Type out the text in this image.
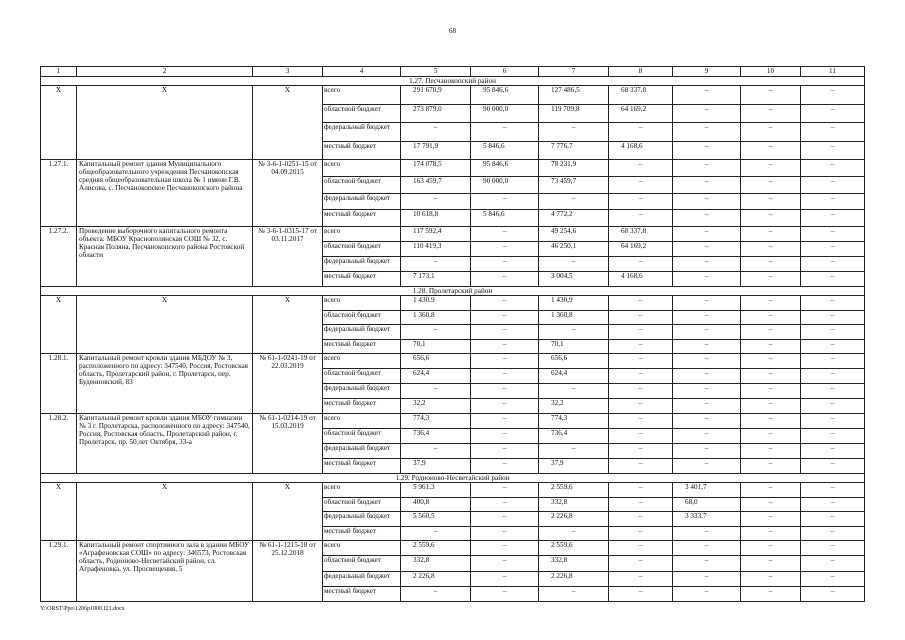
68
1	2	3	4	5	6	7	8	9	10	11
1.27. Песчанокопский район										
Х	Х	Х	всего	291 670,9	95 846,6	127 486,5	68 337,8	–	–	–
			областной бюджет	273 879,0	90 000,0	119 709,8	64 169,2	–	–	–
			федеральный бюджет	–	–	–	–	–	–	–
			местный бюджет	17 791,9	5 846,6	7 776,7	4 168,6	–	–	–
1.27.1.	Капитальный ремонт здания Муниципального общеобразовательного учреждения Песчанокопская средняя общеобразовательная школа № 1 имени Г.В. Алисова, с. Песчанокопское Песчанокопского района	№ 3-6-1-0251-15 от 04.09.2015	всего	174 078,5	95 846,6	78 231,9	–	–	–	–
			областной бюджет	163 459,7	90 000,0	73 459,7	–	–	–	–
			федеральный бюджет	–	–	–	–	–	–	–
			местный бюджет	10 618,8	5 846,6	4 772,2	–	–	–	–
1.27.2.	Проведение выборочного капитального ремонта объекта: МБОУ Краснополянская СОШ № 32, с. Красная Поляна, Песчанокопского района Ростовской области	№ 3-6-1-0315-17 от 03.11.2017	всего	117 592,4	–	49 254,6	68 337,8	–	–	–
			областной бюджет	110 419,3	–	46 250,1	64 169,2	–	–	–
			федеральный бюджет	–	–	–	–	–	–	–
			местный бюджет	7 173,1	–	3 004,5	4 168,6	–	–	–
1.28. Пролетарский район										
Х	Х	Х	всего	1 430,9	–	1 430,9	–	–	–	–
			областной бюджет	1 360,8	–	1 360,8	–	–	–	–
			федеральный бюджет	–	–	–	–	–	–	–
			местный бюджет	70,1	–	70,1	–	–	–	–
1.28.1.	Капитальный ремонт кровли здания МБДОУ № 3, расположенного по адресу: 347540, Россия, Ростовская область, Пролетарский район, г. Пролетарск, пер. Буденновский, 83	№ 61-1-0241-19 от 22.03.2019	всего	656,6	–	656,6	–	–	–	–
			областной бюджет	624,4	–	624,4	–	–	–	–
			федеральный бюджет	–	–	–	–	–	–	–
			местный бюджет	32,2	–	32,2	–	–	–	–
1.28.2.	Капитальный ремонт кровли здания МБОУ гимназии № 3 г. Пролетарска, расположенного по адресу: 347540, Россия, Ростовская область, Пролетарский район, г. Пролетарск, пр. 50 лет Октября, 33-а	№ 61-1-0214-19 от 15.03.2019	всего	774,3	–	774,3	–	–	–	–
			областной бюджет	736,4	–	736,4	–	–	–	–
			федеральный бюджет	–	–	–	–	–	–	–
			местный бюджет	37,9	–	37,9	–	–	–	–
1.29. Родионово-Несветайский район										
Х	Х	Х	всего	5 961,3	–	2 559,6	–	3 401,7	–	–
			областной бюджет	400,8	–	332,8	–	68,0	–	–
			федеральный бюджет	5 560,5	–	2 226,8	–	3 333,7	–	–
			местный бюджет	–	–	–	–	–	–	–
1.29.1.	Капитальный ремонт спортивного зала в здании МБОУ «Аграфеновская СОШ» по адресу: 346573, Ростовская область, Родионово-Несветайский район, сл. Аграфеновка, ул. Просвещения, 5	№ 61-1-1215-18 от 25.12.2018	всего	2 559,6	–	2 559,6	–	–	–	–
			областной бюджет	332,8	–	332,8	–	–	–	–
			федеральный бюджет	2 226,8	–	2 226,8	–	–	–	–
			местный бюджет	–	–	–	–	–	–	–
Y:\ORST\Ppo\1206p1000.f21.docx
